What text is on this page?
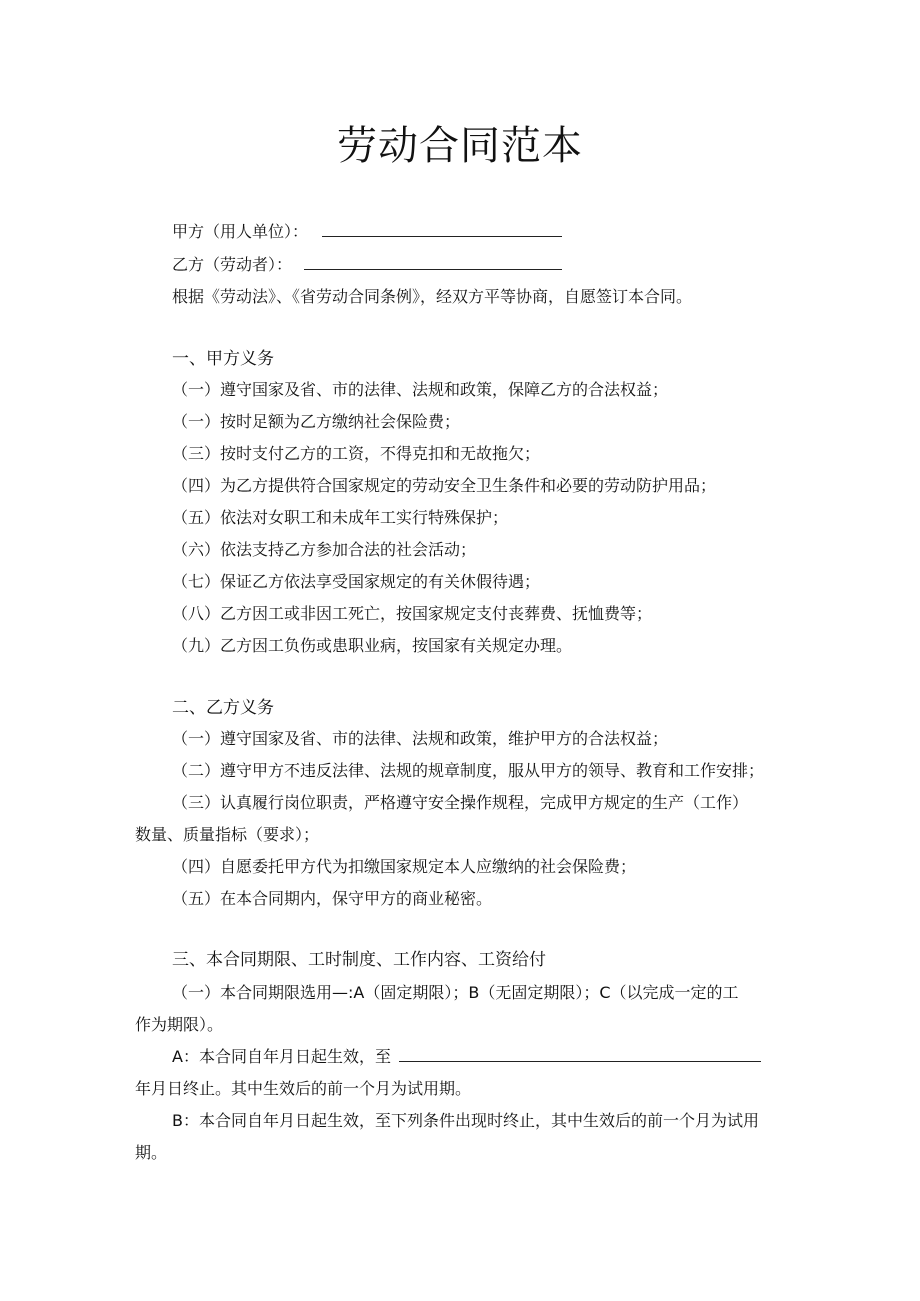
劳动合同范本
甲方（用人单位）：
乙方（劳动者）：
根据《劳动法》、《省劳动合同条例》，经双方平等协商，自愿签订本合同。
一、甲方义务
（一）遵守国家及省、市的法律、法规和政策，保障乙方的合法权益；
（一）按时足额为乙方缴纳社会保险费；
（三）按时支付乙方的工资，不得克扣和无故拖欠；
（四）为乙方提供符合国家规定的劳动安全卫生条件和必要的劳动防护用品；
（五）依法对女职工和未成年工实行特殊保护；
（六）依法支持乙方参加合法的社会活动；
（七）保证乙方依法享受国家规定的有关休假待遇；
（八）乙方因工或非因工死亡，按国家规定支付丧葬费、抚恤费等；
（九）乙方因工负伤或患职业病，按国家有关规定办理。
二、乙方义务
（一）遵守国家及省、市的法律、法规和政策，维护甲方的合法权益；
（二）遵守甲方不违反法律、法规的规章制度，服从甲方的领导、教育和工作安排；
（三）认真履行岗位职责，严格遵守安全操作规程，完成甲方规定的生产（工作）
数量、质量指标（要求）；
（四）自愿委托甲方代为扣缴国家规定本人应缴纳的社会保险费；
（五）在本合同期内，保守甲方的商业秘密。
三、本合同期限、工时制度、工作内容、工资给付
（一）本合同期限选用—:A（固定期限）；B（无固定期限）；C（以完成一定的工
作为期限）。
A：本合同自年月日起生效，至
年月日终止。其中生效后的前一个月为试用期。
B：本合同自年月日起生效，至下列条件出现时终止，其中生效后的前一个月为试用
期。
